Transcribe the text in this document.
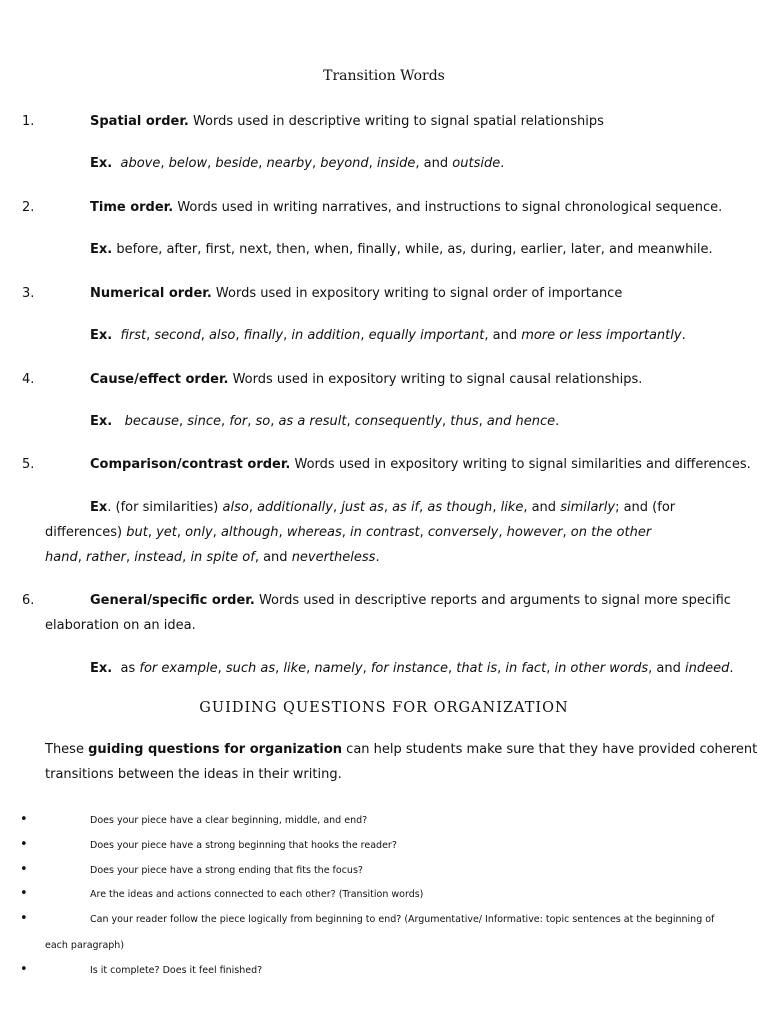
Transition Words
1.	Spatial order. Words used in descriptive writing to signal spatial relationships
Ex. above, below, beside, nearby, beyond, inside, and outside.
2.	Time order. Words used in writing narratives, and instructions to signal chronological sequence.
Ex. before, after, first, next, then, when, finally, while, as, during, earlier, later, and meanwhile.
3.	Numerical order. Words used in expository writing to signal order of importance
Ex. first, second, also, finally, in addition, equally important, and more or less importantly.
4.	Cause/effect order. Words used in expository writing to signal causal relationships.
Ex. because, since, for, so, as a result, consequently, thus, and hence.
5.	Comparison/contrast order. Words used in expository writing to signal similarities and differences.
Ex. (for similarities) also, additionally, just as, as if, as though, like, and similarly; and (for
differences) but, yet, only, although, whereas, in contrast, conversely, however, on the other
hand, rather, instead, in spite of, and nevertheless.
6.	General/specific order. Words used in descriptive reports and arguments to signal more specific
elaboration on an idea.
Ex. as for example, such as, like, namely, for instance, that is, in fact, in other words, and indeed.
GUIDING QUESTIONS FOR ORGANIZATION
These guiding questions for organization can help students make sure that they have provided coherent
transitions between the ideas in their writing.
•	Does your piece have a clear beginning, middle, and end?
•	Does your piece have a strong beginning that hooks the reader?
•	Does your piece have a strong ending that fits the focus?
•	Are the ideas and actions connected to each other? (Transition words)
•	Can your reader follow the piece logically from beginning to end? (Argumentative/ Informative: topic sentences at the beginning of
each paragraph)
•	Is it complete? Does it feel finished?
